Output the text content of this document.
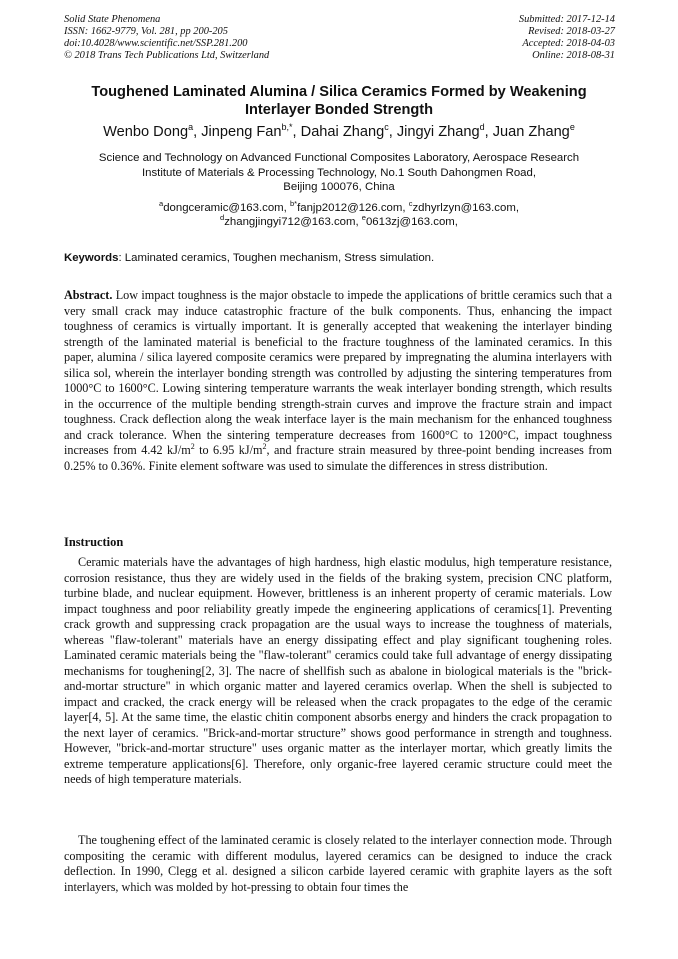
Solid State Phenomena
ISSN: 1662-9779, Vol. 281, pp 200-205
doi:10.4028/www.scientific.net/SSP.281.200
© 2018 Trans Tech Publications Ltd, Switzerland
Submitted: 2017-12-14
Revised: 2018-03-27
Accepted: 2018-04-03
Online: 2018-08-31
Toughened Laminated Alumina / Silica Ceramics Formed by Weakening Interlayer Bonded Strength
Wenbo Dong$^a$, Jinpeng Fan$^{b,*}$, Dahai Zhang$^c$, Jingyi Zhang$^d$, Juan Zhang$^e$
Science and Technology on Advanced Functional Composites Laboratory, Aerospace Research
Institute of Materials & Processing Technology, No.1 South Dahongmen Road,
Beijing 100076, China
$^a$dongceramic@163.com, $^{b*}$fanjp2012@126.com, $^c$zdhyrlzyn@163.com,
$^d$zhangjingyi712@163.com, $^e$0613zj@163.com,
Keywords: Laminated ceramics, Toughen mechanism, Stress simulation.
Abstract. Low impact toughness is the major obstacle to impede the applications of brittle ceramics such that a very small crack may induce catastrophic fracture of the bulk components. Thus, enhancing the impact toughness of ceramics is virtually important. It is generally accepted that weakening the interlayer binding strength of the laminated material is beneficial to the fracture toughness of the laminated ceramics. In this paper, alumina / silica layered composite ceramics were prepared by impregnating the alumina interlayers with silica sol, wherein the interlayer bonding strength was controlled by adjusting the sintering temperatures from 1000°C to 1600°C. Lowing sintering temperature warrants the weak interlayer bonding strength, which results in the occurrence of the multiple bending strength-strain curves and improve the fracture strain and impact toughness. Crack deflection along the weak interface layer is the main mechanism for the enhanced toughness and crack tolerance. When the sintering temperature decreases from 1600°C to 1200°C, impact toughness increases from 4.42 $kJ/m^2$ to 6.95 $kJ/m^2$, and fracture strain measured by three-point bending increases from 0.25% to 0.36%. Finite element software was used to simulate the differences in stress distribution.
Instruction
Ceramic materials have the advantages of high hardness, high elastic modulus, high temperature resistance, corrosion resistance, thus they are widely used in the fields of the braking system, precision CNC platform, turbine blade, and nuclear equipment. However, brittleness is an inherent property of ceramic materials. Low impact toughness and poor reliability greatly impede the engineering applications of ceramics[1]. Preventing crack growth and suppressing crack propagation are the usual ways to increase the toughness of materials, whereas "flaw-tolerant" materials have an energy dissipating effect and play significant toughening roles. Laminated ceramic materials being the "flaw-tolerant" ceramics could take full advantage of energy dissipating mechanisms for toughening[2, 3]. The nacre of shellfish such as abalone in biological materials is the "brick-and-mortar structure" in which organic matter and layered ceramics overlap. When the shell is subjected to impact and cracked, the crack energy will be released when the crack propagates to the edge of the ceramic layer[4, 5]. At the same time, the elastic chitin component absorbs energy and hinders the crack propagation to the next layer of ceramics. "Brick-and-mortar structure” shows good performance in strength and toughness. However, "brick-and-mortar structure" uses organic matter as the interlayer mortar, which greatly limits the extreme temperature applications[6]. Therefore, only organic-free layered ceramic structure could meet the needs of high temperature materials.
The toughening effect of the laminated ceramic is closely related to the interlayer connection mode. Through compositing the ceramic with different modulus, layered ceramics can be designed to induce the crack deflection. In 1990, Clegg et al. designed a silicon carbide layered ceramic with graphite layers as the soft interlayers, which was molded by hot-pressing to obtain four times the
